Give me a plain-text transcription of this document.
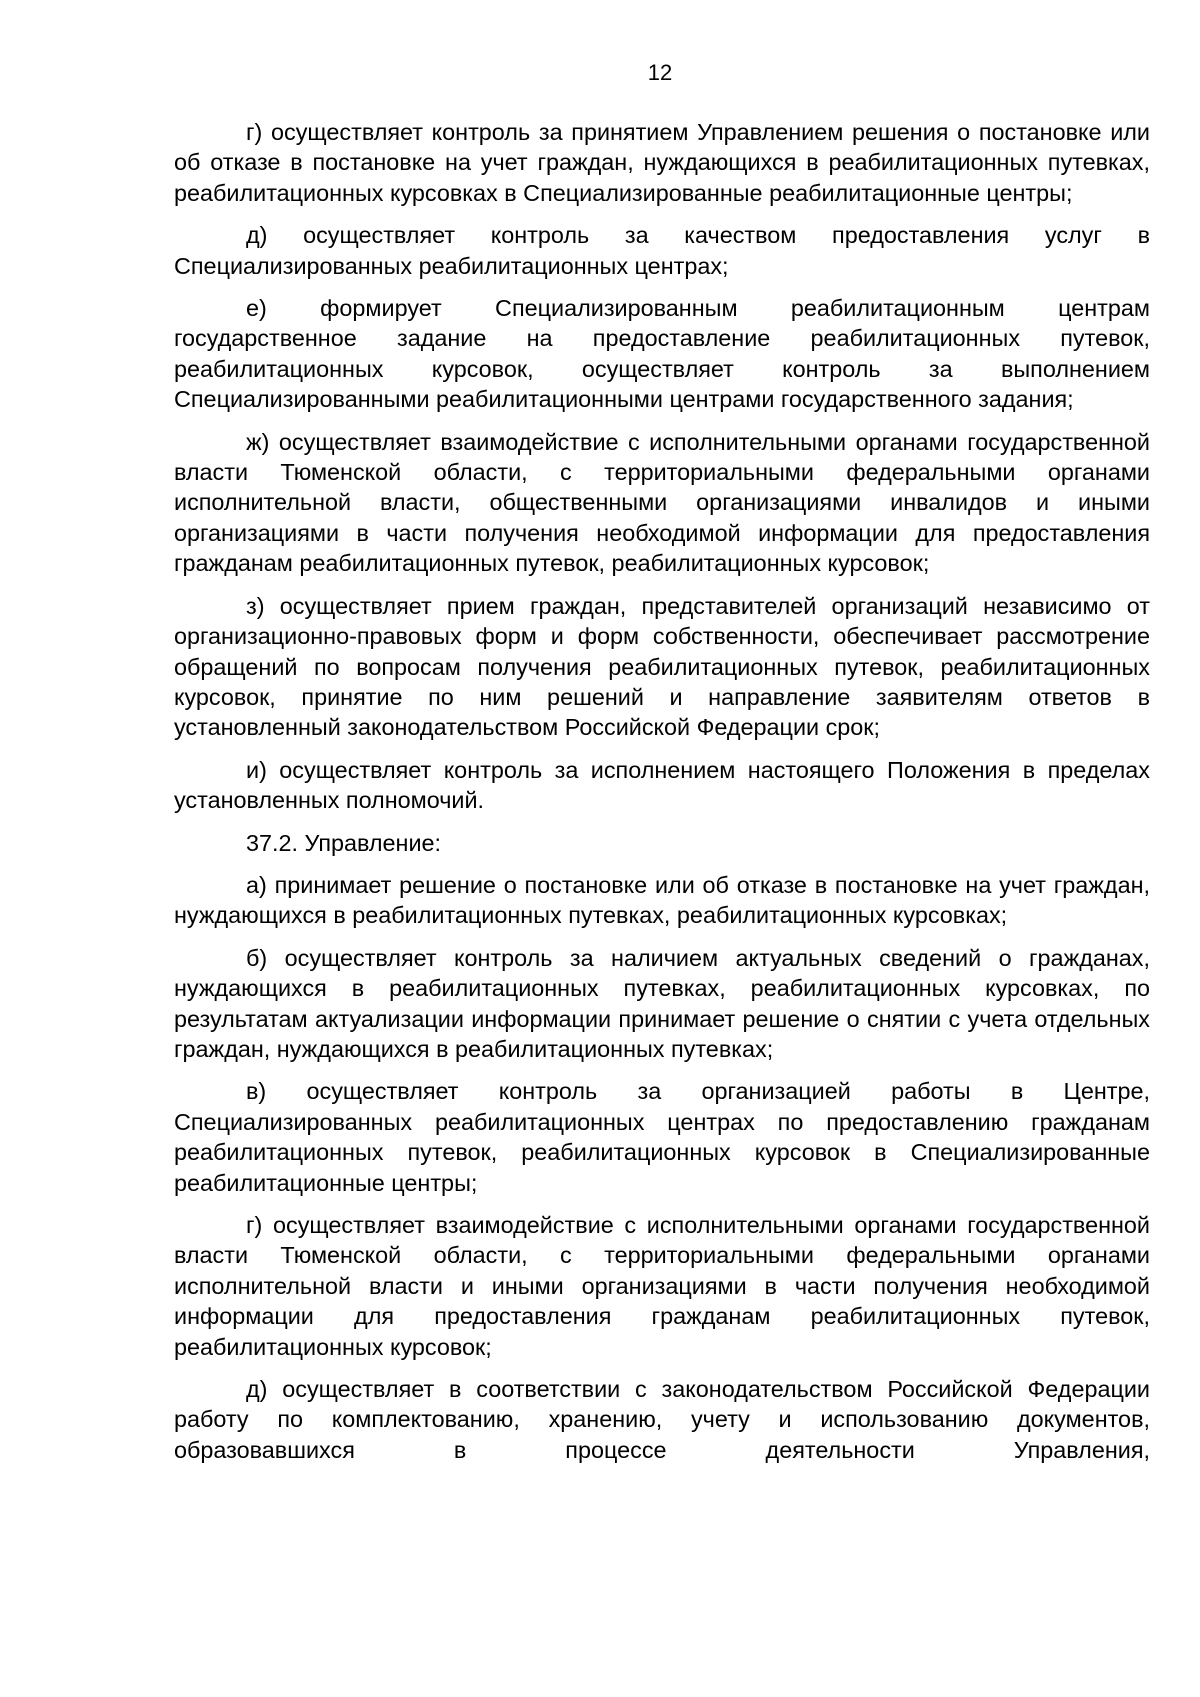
12

г) осуществляет контроль за принятием Управлением решения о постановке или об отказе в постановке на учет граждан, нуждающихся в реабилитационных путевках, реабилитационных курсовках в Специализированные реабилитационные центры;

д) осуществляет контроль за качеством предоставления услуг в Специализированных реабилитационных центрах;

е) формирует Специализированным реабилитационным центрам государственное задание на предоставление реабилитационных путевок, реабилитационных курсовок, осуществляет контроль за выполнением Специализированными реабилитационными центрами государственного задания;

ж) осуществляет взаимодействие с исполнительными органами государственной власти Тюменской области, с территориальными федеральными органами исполнительной власти, общественными организациями инвалидов и иными организациями в части получения необходимой информации для предоставления гражданам реабилитационных путевок, реабилитационных курсовок;

з) осуществляет прием граждан, представителей организаций независимо от организационно-правовых форм и форм собственности, обеспечивает рассмотрение обращений по вопросам получения реабилитационных путевок, реабилитационных курсовок, принятие по ним решений и направление заявителям ответов в установленный законодательством Российской Федерации срок;

и) осуществляет контроль за исполнением настоящего Положения в пределах установленных полномочий.

37.2. Управление:

а) принимает решение о постановке или об отказе в постановке на учет граждан, нуждающихся в реабилитационных путевках, реабилитационных курсовках;

б) осуществляет контроль за наличием актуальных сведений о гражданах, нуждающихся в реабилитационных путевках, реабилитационных курсовках, по результатам актуализации информации принимает решение о снятии с учета отдельных граждан, нуждающихся в реабилитационных путевках;

в) осуществляет контроль за организацией работы в Центре, Специализированных реабилитационных центрах по предоставлению гражданам реабилитационных путевок, реабилитационных курсовок в Специализированные реабилитационные центры;

г) осуществляет взаимодействие с исполнительными органами государственной власти Тюменской области, с территориальными федеральными органами исполнительной власти и иными организациями в части получения необходимой информации для предоставления гражданам реабилитационных путевок, реабилитационных курсовок;

д) осуществляет в соответствии с законодательством Российской Федерации работу по комплектованию, хранению, учету и использованию документов, образовавшихся в процессе деятельности Управления,
